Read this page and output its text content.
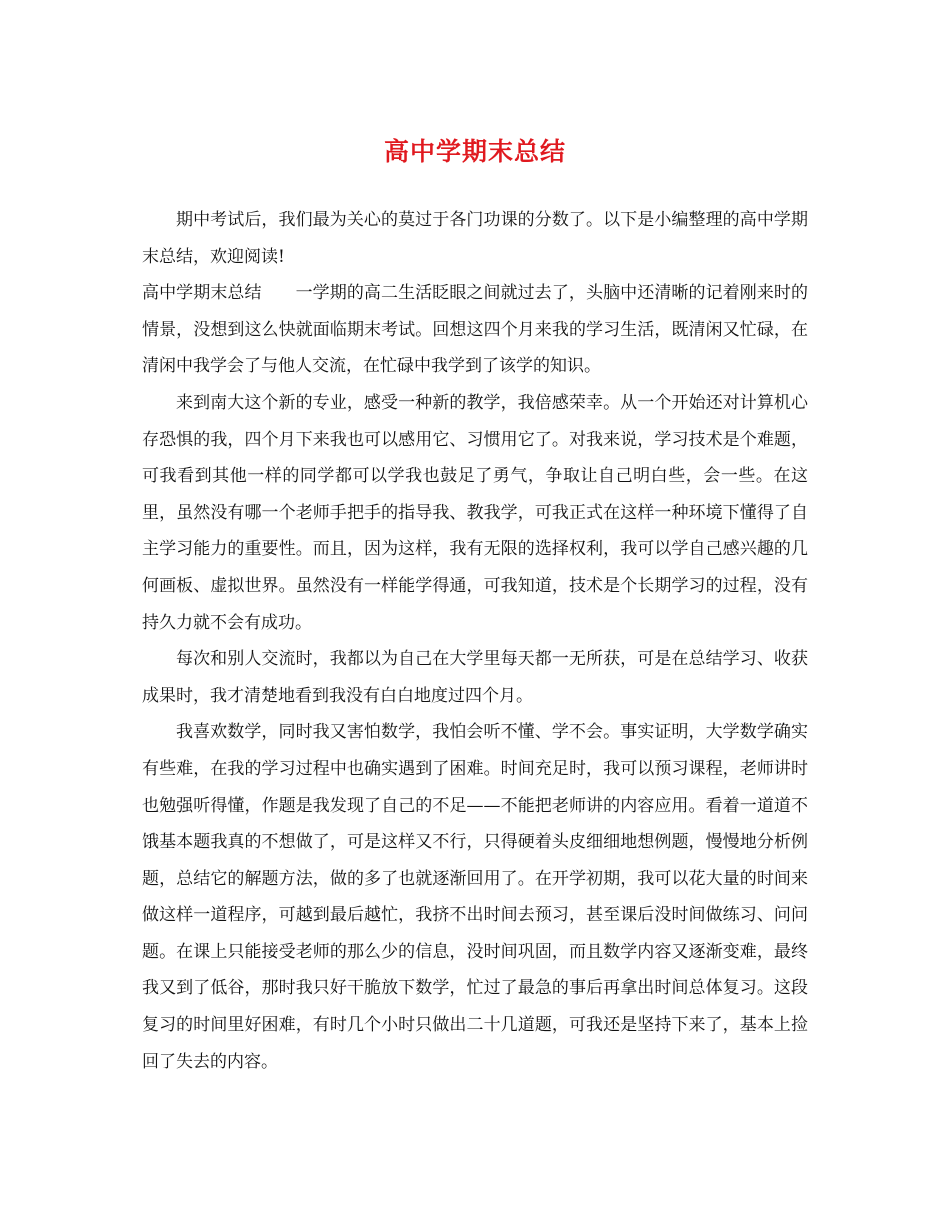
高中学期末总结

期中考试后，我们最为关心的莫过于各门功课的分数了。以下是小编整理的高中学期末总结，欢迎阅读!

高中学期末总结 一学期的高二生活眨眼之间就过去了，头脑中还清晰的记着刚来时的情景，没想到这么快就面临期末考试。回想这四个月来我的学习生活，既清闲又忙碌，在清闲中我学会了与他人交流，在忙碌中我学到了该学的知识。

来到南大这个新的专业，感受一种新的教学，我倍感荣幸。从一个开始还对计算机心存恐惧的我，四个月下来我也可以感用它、习惯用它了。对我来说，学习技术是个难题，可我看到其他一样的同学都可以学我也鼓足了勇气，争取让自己明白些，会一些。在这里，虽然没有哪一个老师手把手的指导我、教我学，可我正式在这样一种环境下懂得了自主学习能力的重要性。而且，因为这样，我有无限的选择权利，我可以学自己感兴趣的几何画板、虚拟世界。虽然没有一样能学得通，可我知道，技术是个长期学习的过程，没有持久力就不会有成功。

每次和别人交流时，我都以为自己在大学里每天都一无所获，可是在总结学习、收获成果时，我才清楚地看到我没有白白地度过四个月。

我喜欢数学，同时我又害怕数学，我怕会听不懂、学不会。事实证明，大学数学确实有些难，在我的学习过程中也确实遇到了困难。时间充足时，我可以预习课程，老师讲时也勉强听得懂，作题是我发现了自己的不足——不能把老师讲的内容应用。看着一道道不饿基本题我真的不想做了，可是这样又不行，只得硬着头皮细细地想例题，慢慢地分析例题，总结它的解题方法，做的多了也就逐渐回用了。在开学初期，我可以花大量的时间来做这样一道程序，可越到最后越忙，我挤不出时间去预习，甚至课后没时间做练习、问问题。在课上只能接受老师的那么少的信息，没时间巩固，而且数学内容又逐渐变难，最终我又到了低谷，那时我只好干脆放下数学，忙过了最急的事后再拿出时间总体复习。这段复习的时间里好困难，有时几个小时只做出二十几道题，可我还是坚持下来了，基本上捡回了失去的内容。
